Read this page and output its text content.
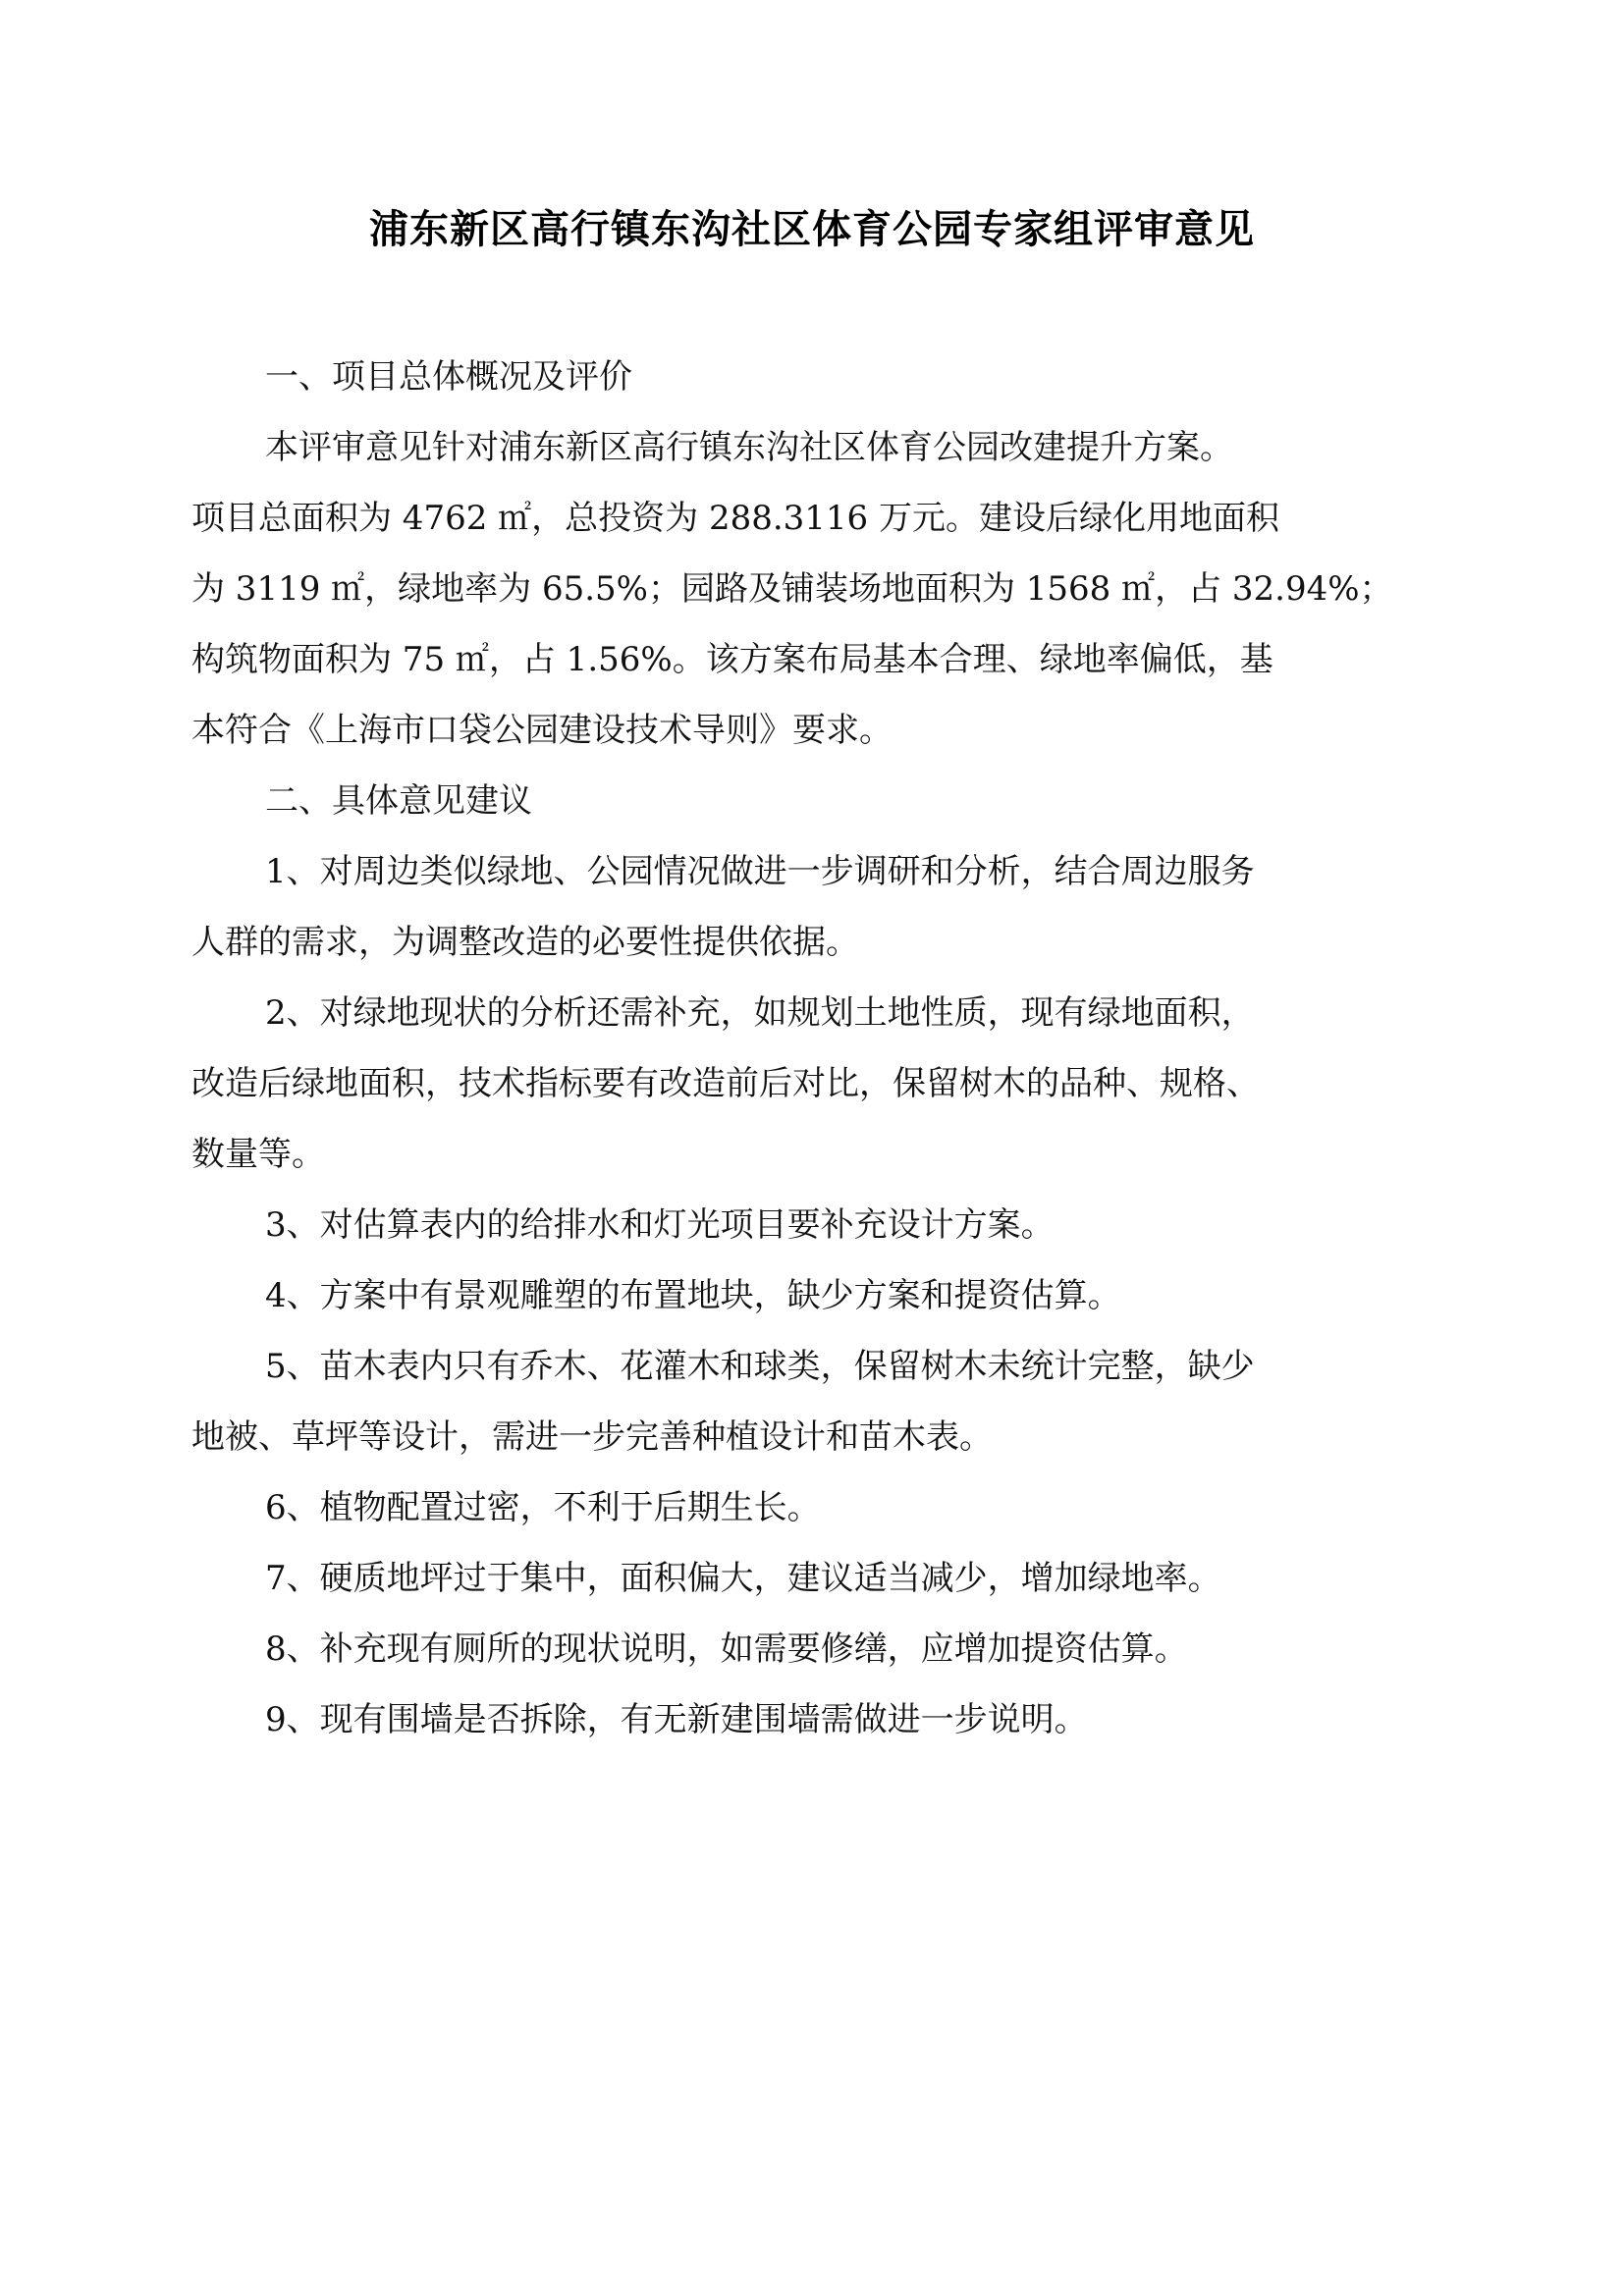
浦东新区高行镇东沟社区体育公园专家组评审意见

一、项目总体概况及评价

本评审意见针对浦东新区高行镇东沟社区体育公园改建提升方案。
项目总面积为 4762 ㎡，总投资为 288.3116 万元。建设后绿化用地面积
为 3119 ㎡，绿地率为 65.5%；园路及铺装场地面积为 1568 ㎡，占 32.94%；
构筑物面积为 75 ㎡，占 1.56%。该方案布局基本合理、绿地率偏低，基
本符合《上海市口袋公园建设技术导则》要求。

二、具体意见建议

1、对周边类似绿地、公园情况做进一步调研和分析，结合周边服务
人群的需求，为调整改造的必要性提供依据。

2、对绿地现状的分析还需补充，如规划土地性质，现有绿地面积，
改造后绿地面积，技术指标要有改造前后对比，保留树木的品种、规格、
数量等。

3、对估算表内的给排水和灯光项目要补充设计方案。

4、方案中有景观雕塑的布置地块，缺少方案和提资估算。

5、苗木表内只有乔木、花灌木和球类，保留树木未统计完整，缺少
地被、草坪等设计，需进一步完善种植设计和苗木表。

6、植物配置过密，不利于后期生长。

7、硬质地坪过于集中，面积偏大，建议适当减少，增加绿地率。

8、补充现有厕所的现状说明，如需要修缮，应增加提资估算。

9、现有围墙是否拆除，有无新建围墙需做进一步说明。
